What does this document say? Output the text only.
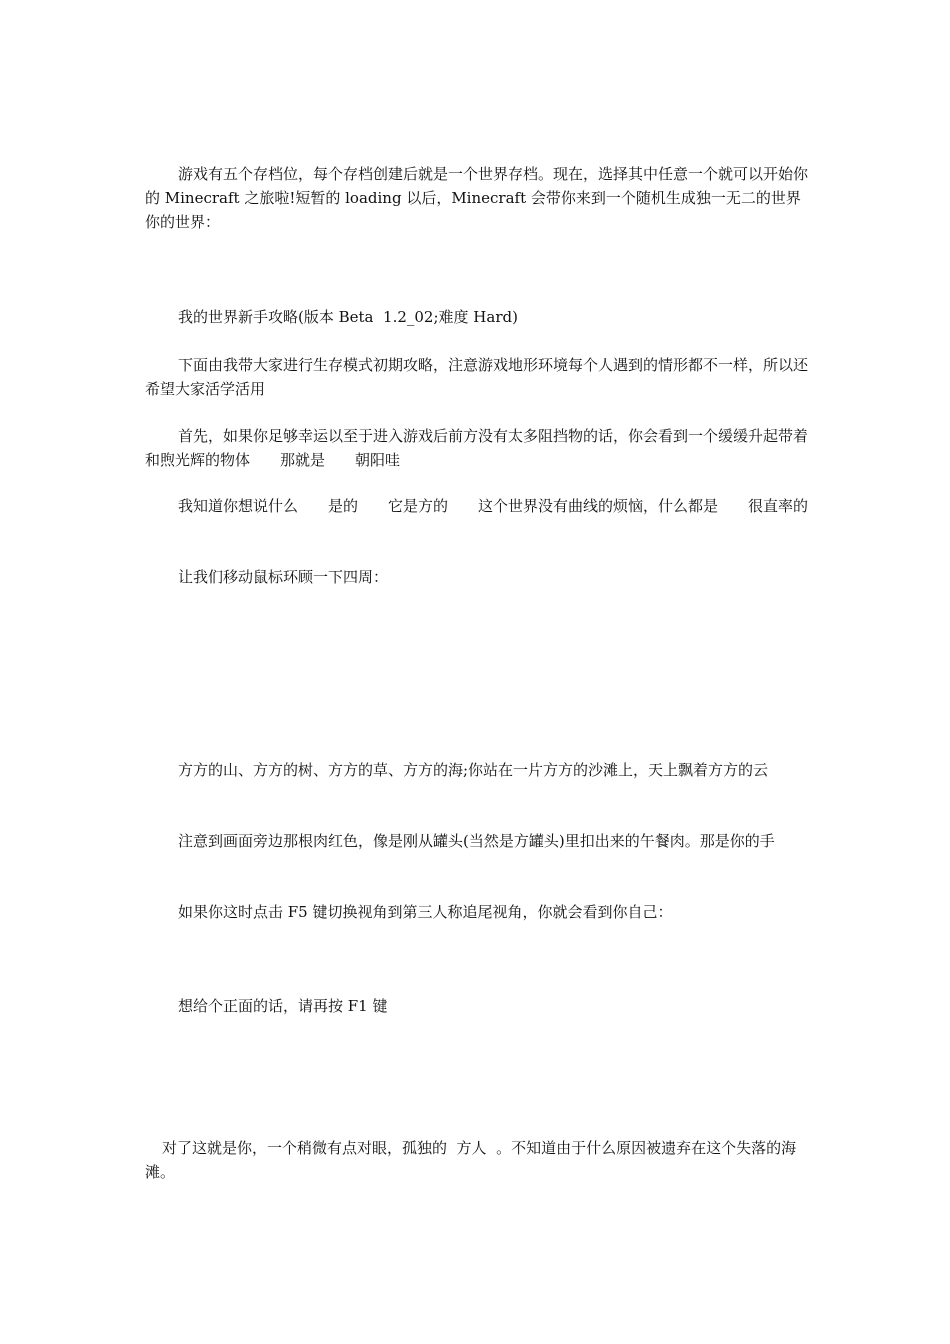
游戏有五个存档位，每个存档创建后就是一个世界存档。现在，选择其中任意一个就可以开始你的 Minecraft 之旅啦!短暂的 loading 以后，Minecraft 会带你来到一个随机生成独一无二的世界　　你的世界：

我的世界新手攻略(版本 Beta  1.2_02;难度 Hard)

下面由我带大家进行生存模式初期攻略，注意游戏地形环境每个人遇到的情形都不一样，所以还希望大家活学活用

首先，如果你足够幸运以至于进入游戏后前方没有太多阻挡物的话，你会看到一个缓缓升起带着和煦光辉的物体　　那就是　　朝阳哇

我知道你想说什么　　是的　　它是方的　　这个世界没有曲线的烦恼，什么都是　　很直率的

让我们移动鼠标环顾一下四周：

方方的山、方方的树、方方的草、方方的海;你站在一片方方的沙滩上，天上飘着方方的云

注意到画面旁边那根肉红色，像是刚从罐头(当然是方罐头)里扣出来的午餐肉。那是你的手

如果你这时点击 F5 键切换视角到第三人称追尾视角，你就会看到你自己：

想给个正面的话，请再按 F1 键

对了这就是你，一个稍微有点对眼，孤独的  方人  。不知道由于什么原因被遗弃在这个失落的海滩。
